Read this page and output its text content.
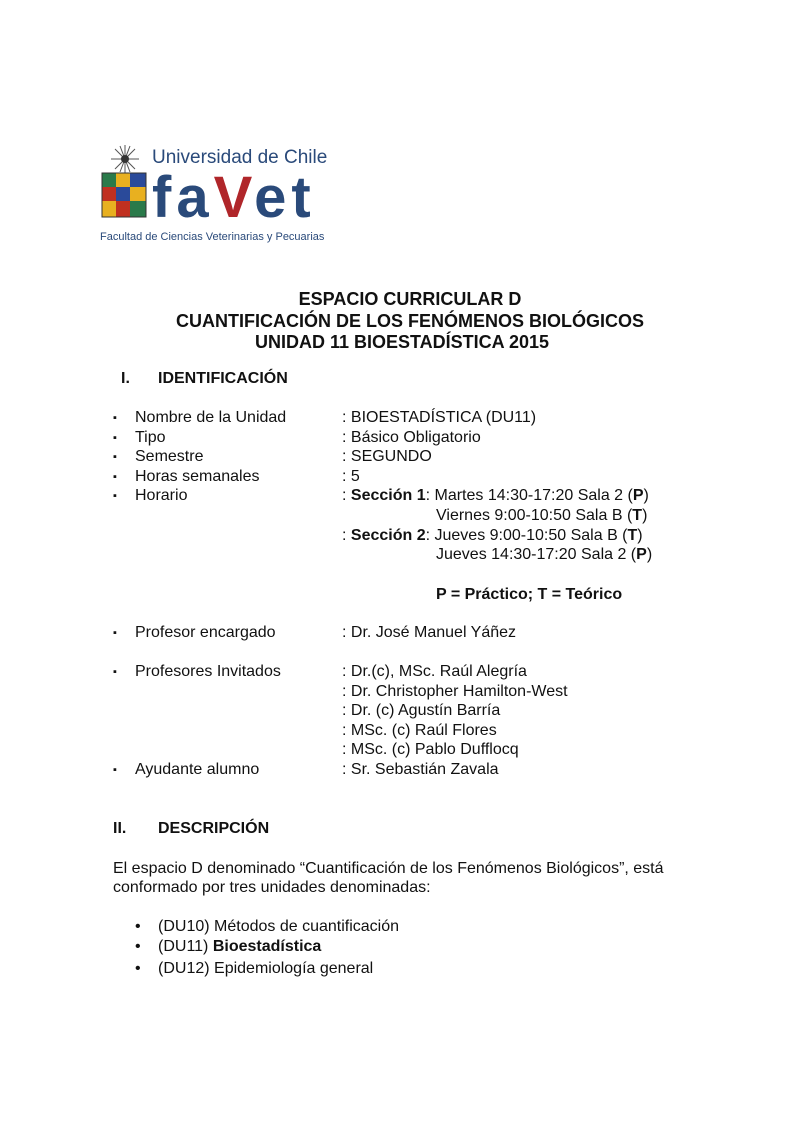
Universidad de Chile
faVet
Facultad de Ciencias Veterinarias y Pecuarias
ESPACIO CURRICULAR D
CUANTIFICACIÓN DE LOS FENÓMENOS BIOLÓGICOS
UNIDAD 11 BIOESTADÍSTICA 2015
I. IDENTIFICACIÓN
▪ Nombre de la Unidad	: BIOESTADÍSTICA (DU11)
▪ Tipo	: Básico Obligatorio
▪ Semestre	: SEGUNDO
▪ Horas semanales	: 5
▪ Horario	: Sección 1: Martes 14:30-17:20 Sala 2 (P)
Viernes 9:00-10:50 Sala B (T)
: Sección 2: Jueves 9:00-10:50 Sala B (T)
Jueves 14:30-17:20 Sala 2 (P)
P = Práctico; T = Teórico
▪ Profesor encargado	: Dr. José Manuel Yáñez
▪ Profesores Invitados	: Dr.(c), MSc. Raúl Alegría
: Dr. Christopher Hamilton-West
: Dr. (c) Agustín Barría
: MSc. (c) Raúl Flores
: MSc. (c) Pablo Dufflocq
▪ Ayudante alumno	: Sr. Sebastián Zavala
II. DESCRIPCIÓN
El espacio D denominado “Cuantificación de los Fenómenos Biológicos”, está
conformado por tres unidades denominadas:
• (DU10) Métodos de cuantificación
• (DU11) Bioestadística
• (DU12) Epidemiología general
